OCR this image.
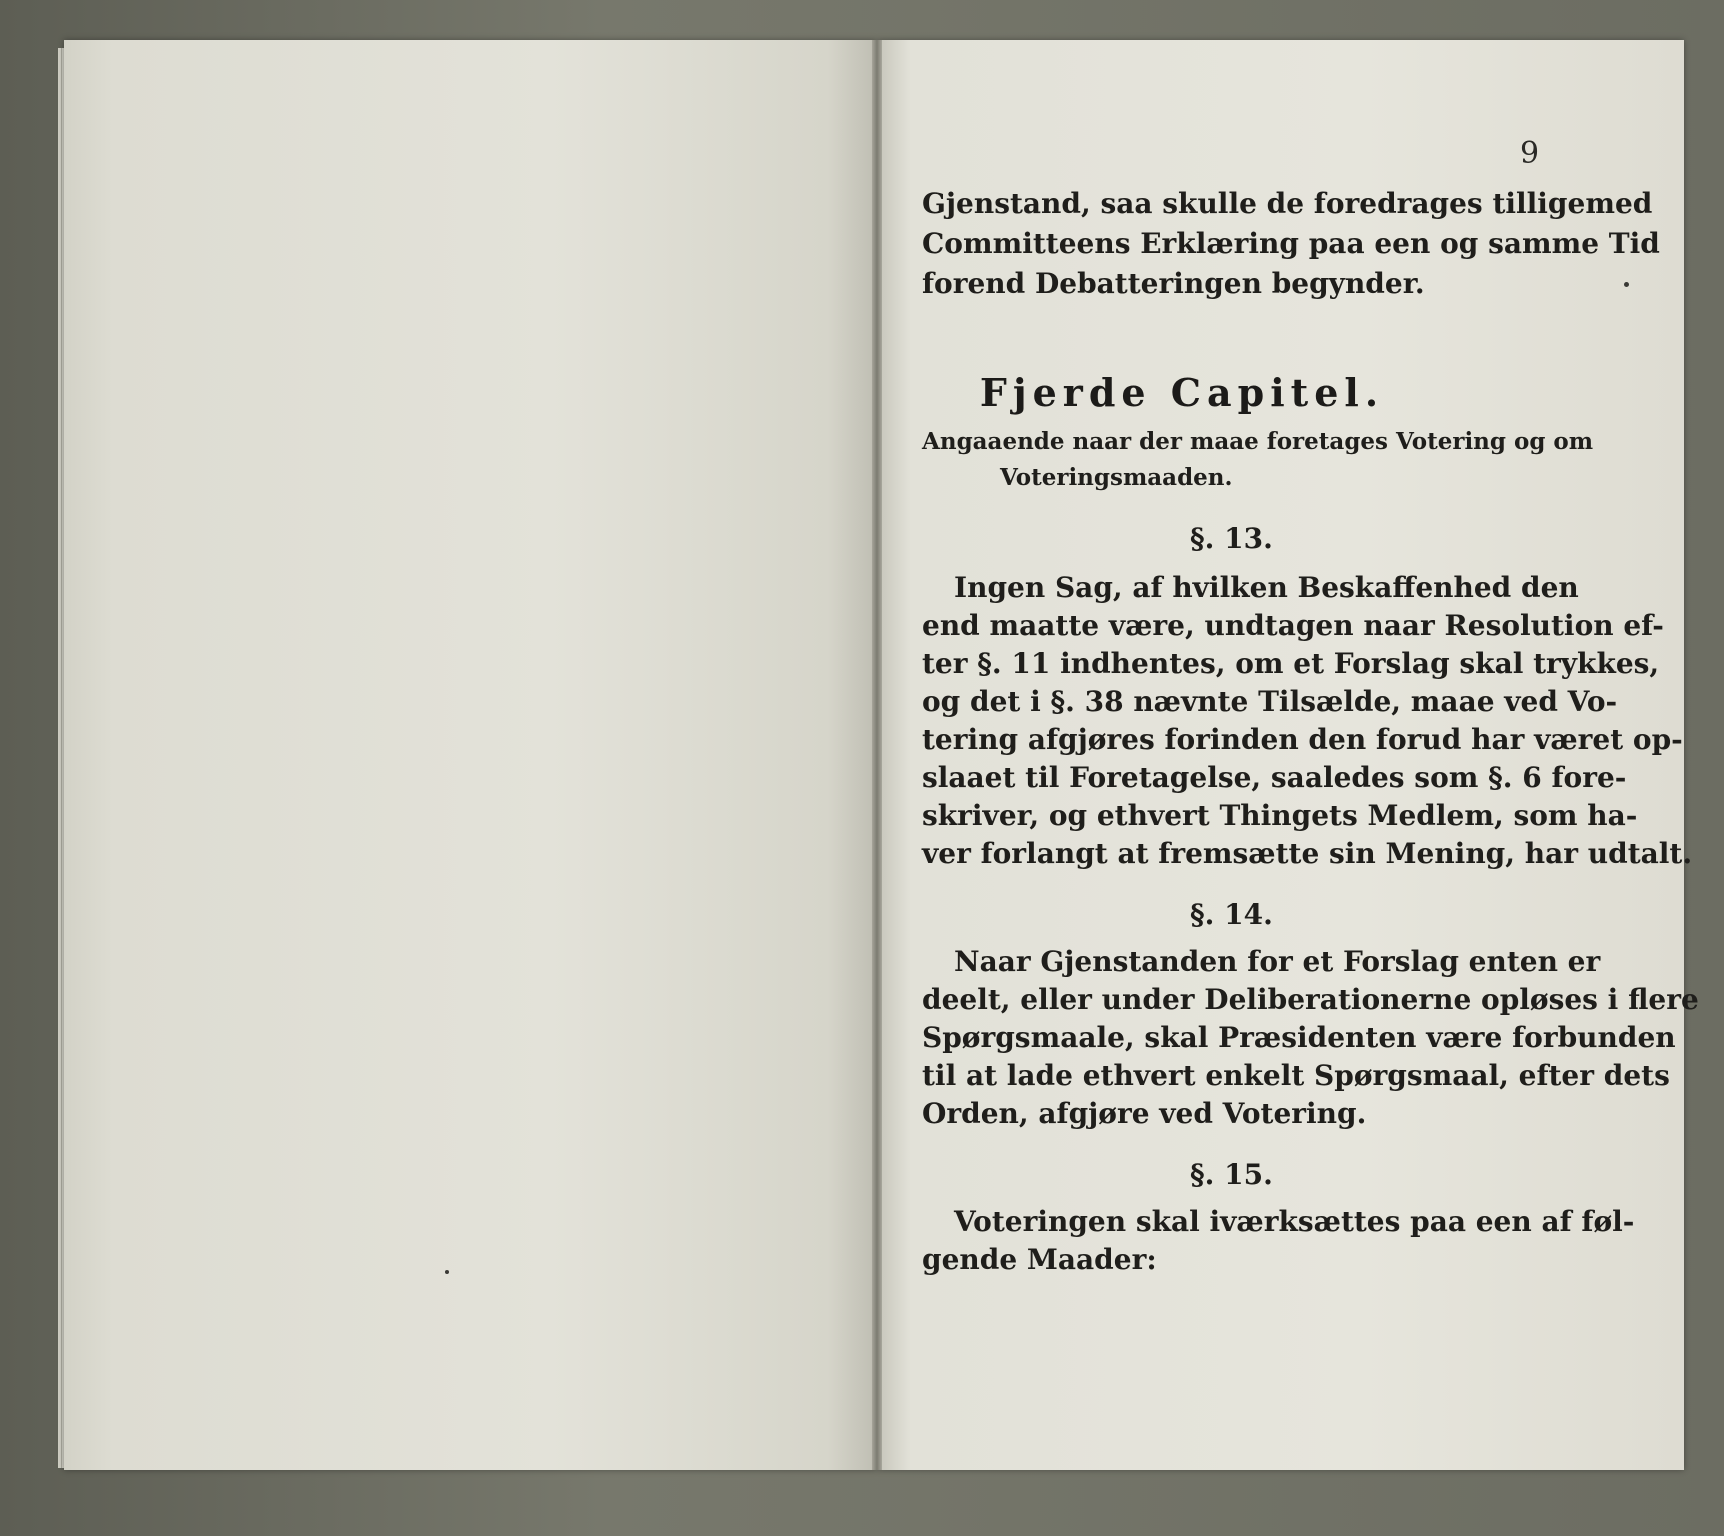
9
Gjenstand, saa skulle de foredrages tilligemed
Committeens Erklæring paa een og samme Tid
forend Debatteringen begynder.
Fjerde Capitel.
Angaaende naar der maae foretages Votering og om
Voteringsmaaden.
§. 13.
Ingen Sag, af hvilken Beskaffenhed den
end maatte være, undtagen naar Resolution ef-
ter §. 11 indhentes, om et Forslag skal trykkes,
og det i §. 38 nævnte Tilsælde, maae ved Vo-
tering afgjøres forinden den forud har været op-
slaaet til Foretagelse, saaledes som §. 6 fore-
skriver, og ethvert Thingets Medlem, som ha-
ver forlangt at fremsætte sin Mening, har udtalt.
§. 14.
Naar Gjenstanden for et Forslag enten er
deelt, eller under Deliberationerne opløses i flere
Spørgsmaale, skal Præsidenten være forbunden
til at lade ethvert enkelt Spørgsmaal, efter dets
Orden, afgjøre ved Votering.
§. 15.
Voteringen skal iværksættes paa een af føl-
gende Maader:
